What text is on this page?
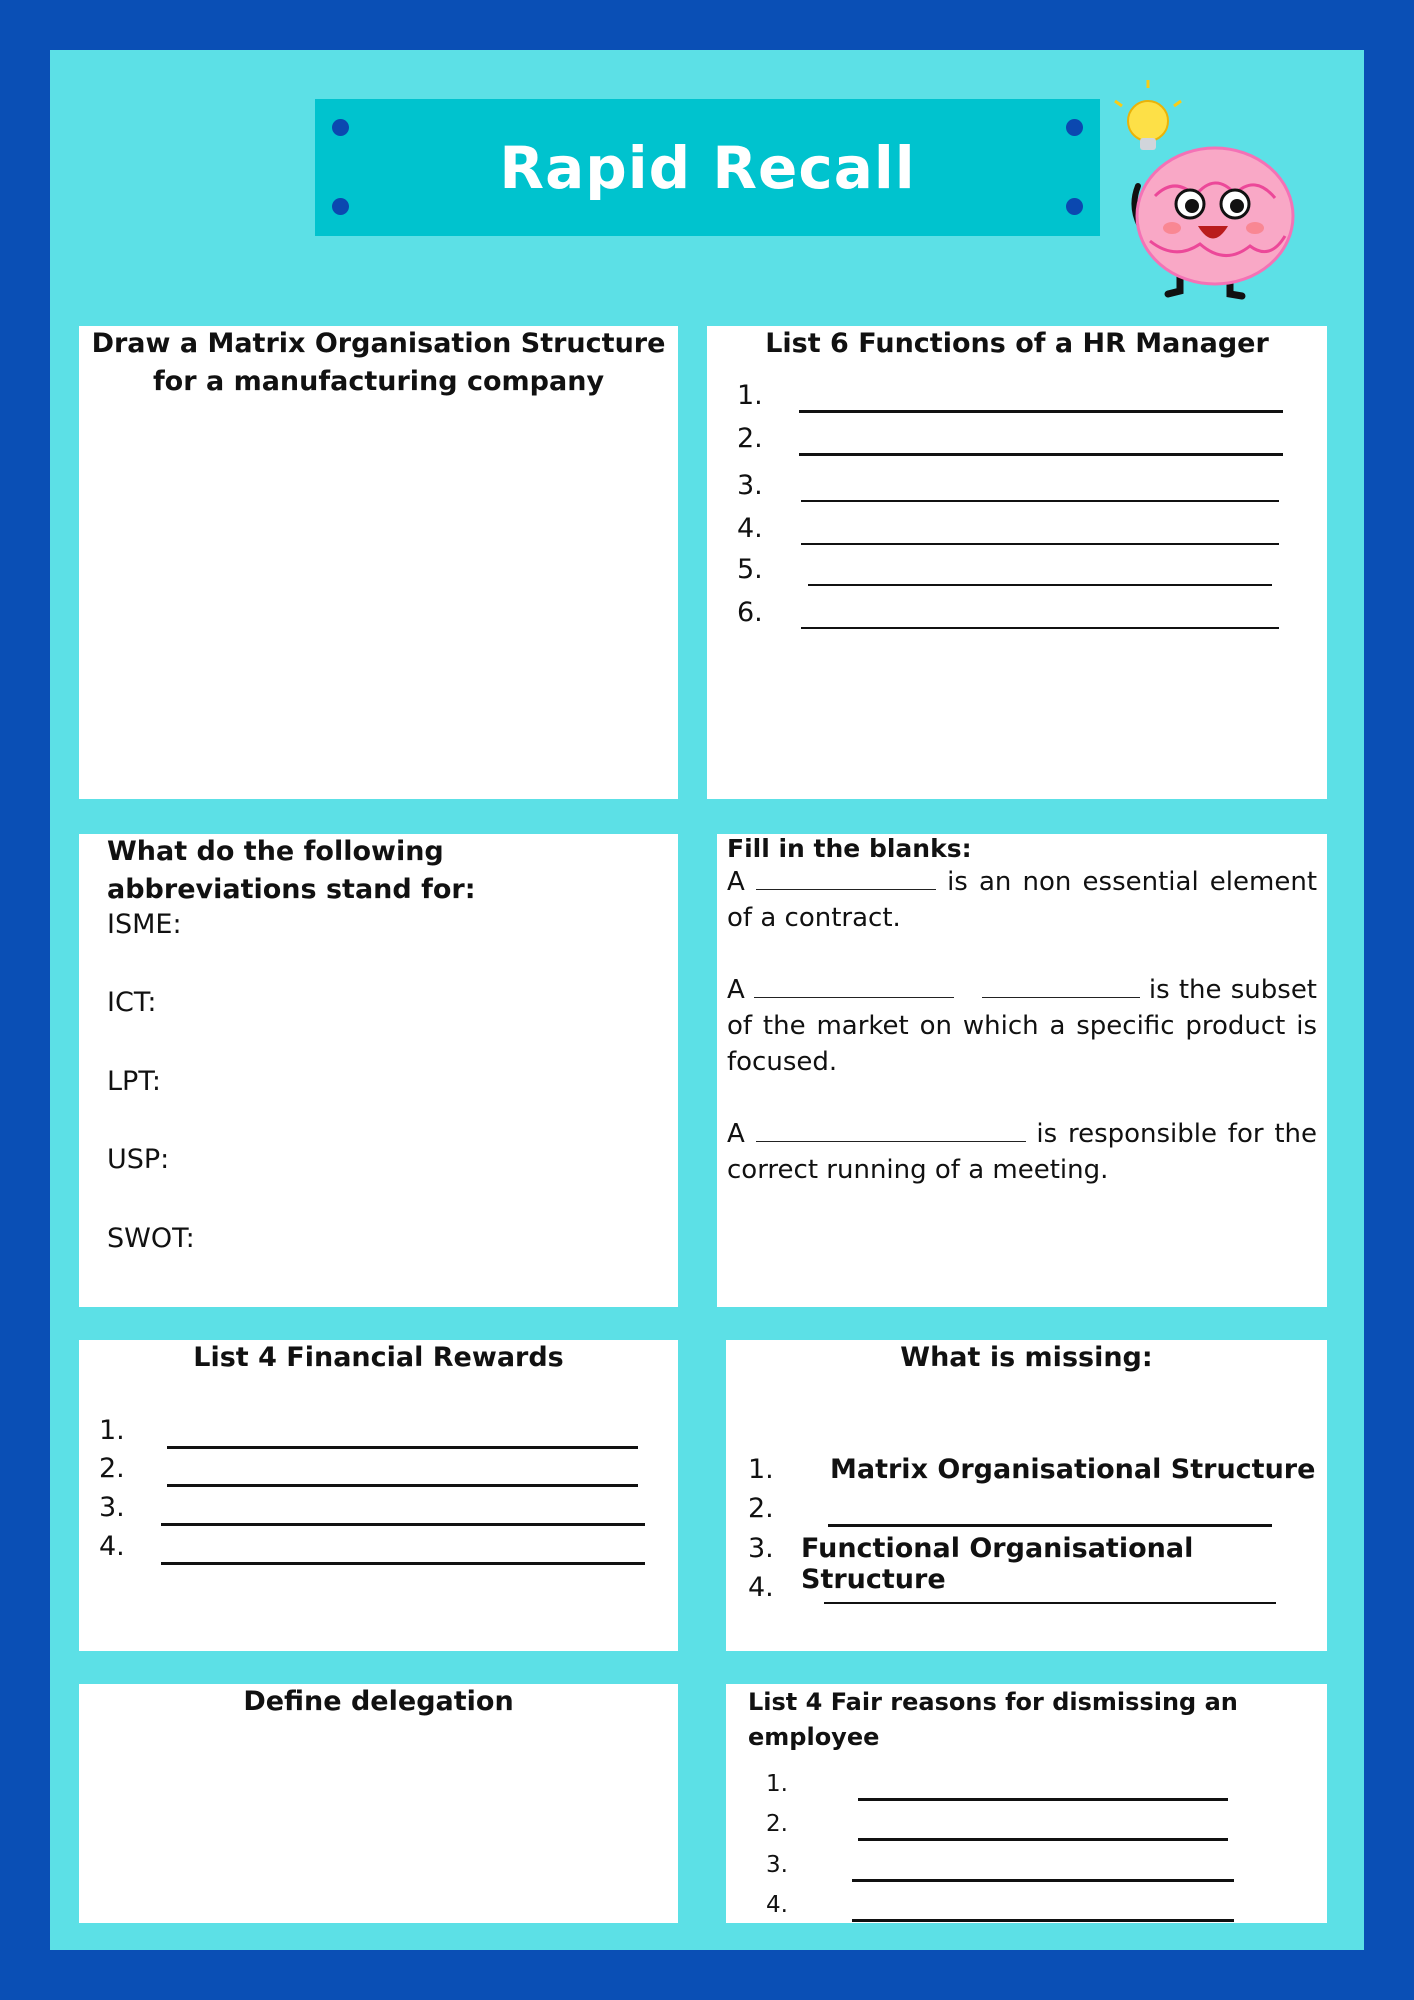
Rapid Recall
Draw a Matrix Organisation Structure for a manufacturing company
List 6 Functions of a HR Manager
1.
2.
3.
4.
5.
6.
What do the following abbreviations stand for:
ISME:
ICT:
LPT:
USP:
SWOT:
Fill in the blanks:

A	is an non essential element of a contract.

A	is the subset of the market on which a specific product is focused.

A	is responsible for the correct running of a meeting.

List 4 Financial Rewards
1.
2.
3.
4.
What is missing:
1. Matrix Organisational Structure
2.
3. Functional Organisational Structure
4.
Define delegation	List 4 Fair reasons for dismissing an employee
1.
2.
3.
4.
